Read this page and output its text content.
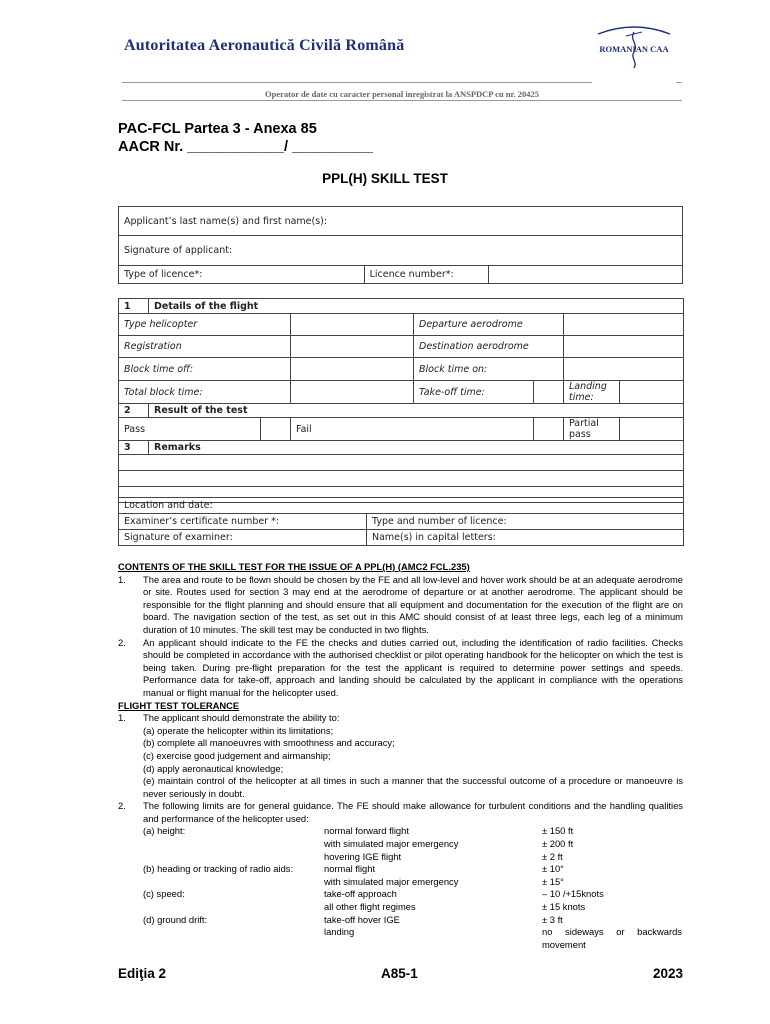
Autoritatea Aeronautică Civilă Română	ROMANIAN CAA
Operator de date cu caracter personal inregistrat la ANSPDCP cu nr. 20425
PAC-FCL Partea 3 - Anexa 85
AACR Nr. ____________/ __________
PPL(H) SKILL TEST
Applicant’s last name(s) and first name(s):
Signature of applicant:
Type of licence*:	Licence number*:	
1	Details of the flight						
Type helicopter				Departure aerodrome			
Registration				Destination aerodrome			
Block time off:				Block time on:			
Total block time:				Take-off time:		Landing time:	
2	Result of the test						
Pass			Fail			Partial pass	
3	Remarks						

Location and date:	
Examiner’s certificate number *:	Type and number of licence:
Signature of examiner:	Name(s) in capital letters:
CONTENTS OF THE SKILL TEST FOR THE ISSUE OF A PPL(H) (AMC2 FCL.235)
1. The area and route to be flown should be chosen by the FE and all low-level and hover work should be at an adequate aerodrome or site. Routes used for section 3 may end at the aerodrome of departure or at another aerodrome. The applicant should be responsible for the flight planning and should ensure that all equipment and documentation for the execution of the flight are on board. The navigation section of the test, as set out in this AMC should consist of at least three legs, each leg of a minimum duration of 10 minutes. The skill test may be conducted in two flights.
2. An applicant should indicate to the FE the checks and duties carried out, including the identification of radio facilities. Checks should be completed in accordance with the authorised checklist or pilot operating handbook for the helicopter on which the test is being taken. During pre-flight preparation for the test the applicant is required to determine power settings and speeds. Performance data for take-off, approach and landing should be calculated by the applicant in compliance with the operations manual or flight manual for the helicopter used.
FLIGHT TEST TOLERANCE
1. The applicant should demonstrate the ability to:
(a) operate the helicopter within its limitations;
(b) complete all manoeuvres with smoothness and accuracy;
(c) exercise good judgement and airmanship;
(d) apply aeronautical knowledge;
(e) maintain control of the helicopter at all times in such a manner that the successful outcome of a procedure or manoeuvre is never seriously in doubt.
2. The following limits are for general guidance. The FE should make allowance for turbulent conditions and the handling qualities and performance of the helicopter used:
(a) height:	normal forward flight	± 150 ft
with simulated major emergency	± 200 ft
hovering IGE flight	± 2 ft
(b) heading or tracking of radio aids:	normal flight	± 10°
with simulated major emergency	± 15°
(c) speed:	take-off approach	– 10 /+15knots
all other flight regimes	± 15 knots
(d) ground drift:	take-off hover IGE	± 3 ft
landing	no sideways or backwards movement
Ediţia 2	A85-1	2023
